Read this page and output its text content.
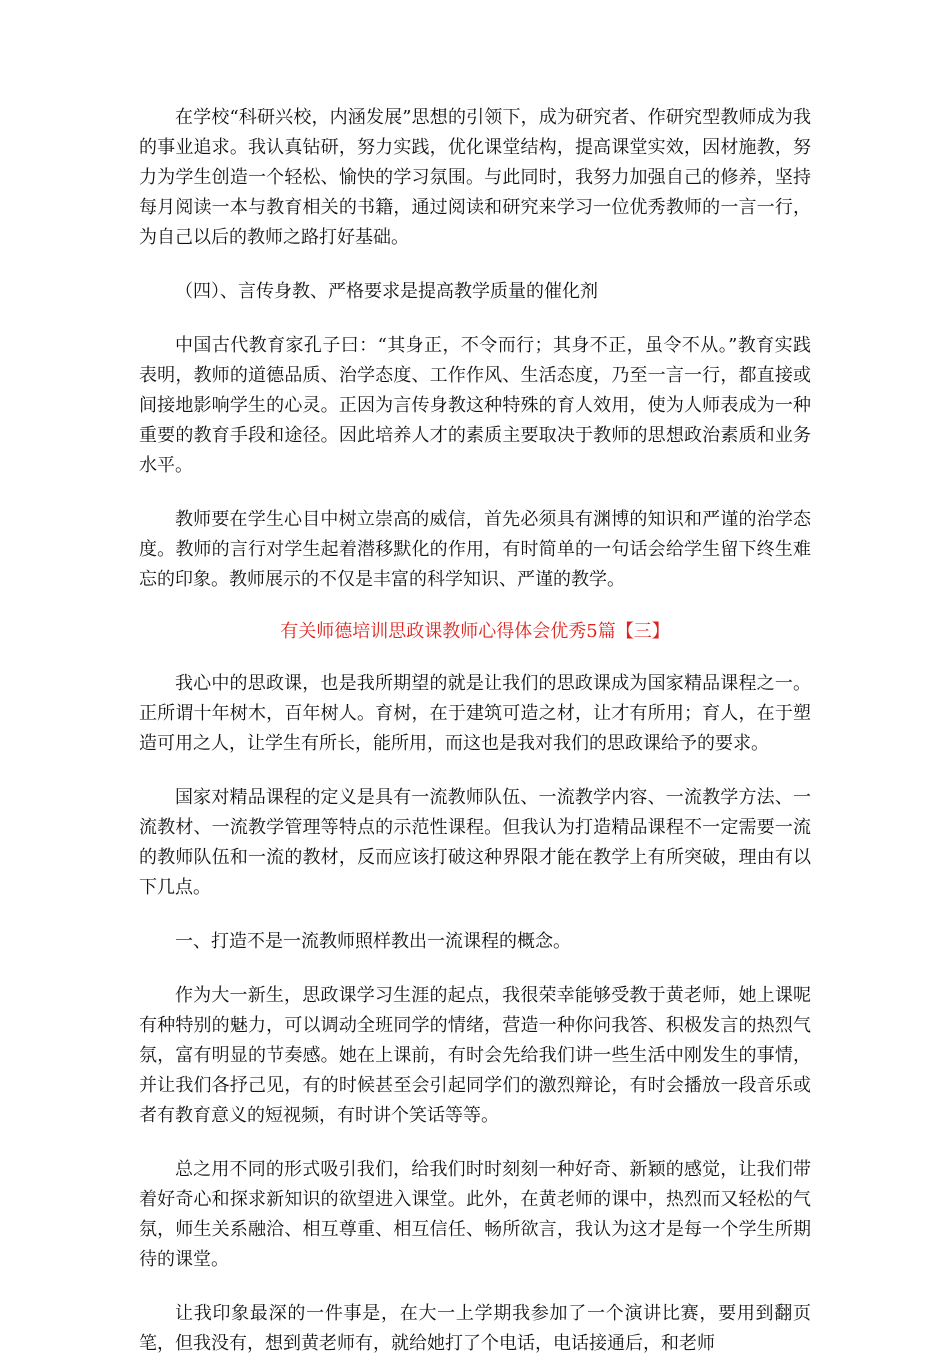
在学校“科研兴校，内涵发展”思想的引领下，成为研究者、作研究型教师成为我的事业追求。我认真钻研，努力实践，优化课堂结构，提高课堂实效，因材施教，努力为学生创造一个轻松、愉快的学习氛围。与此同时，我努力加强自己的修养，坚持每月阅读一本与教育相关的书籍，通过阅读和研究来学习一位优秀教师的一言一行，为自己以后的教师之路打好基础。

（四）、言传身教、严格要求是提高教学质量的催化剂

中国古代教育家孔子曰：“其身正，不令而行；其身不正，虽令不从。”教育实践表明，教师的道德品质、治学态度、工作作风、生活态度，乃至一言一行，都直接或间接地影响学生的心灵。正因为言传身教这种特殊的育人效用，使为人师表成为一种重要的教育手段和途径。因此培养人才的素质主要取决于教师的思想政治素质和业务水平。

教师要在学生心目中树立崇高的威信，首先必须具有渊博的知识和严谨的治学态度。教师的言行对学生起着潜移默化的作用，有时简单的一句话会给学生留下终生难忘的印象。教师展示的不仅是丰富的科学知识、严谨的教学。

有关师德培训思政课教师心得体会优秀5篇【三】

我心中的思政课，也是我所期望的就是让我们的思政课成为国家精品课程之一。正所谓十年树木，百年树人。育树，在于建筑可造之材，让才有所用；育人，在于塑造可用之人，让学生有所长，能所用，而这也是我对我们的思政课给予的要求。

国家对精品课程的定义是具有一流教师队伍、一流教学内容、一流教学方法、一流教材、一流教学管理等特点的示范性课程。但我认为打造精品课程不一定需要一流的教师队伍和一流的教材，反而应该打破这种界限才能在教学上有所突破，理由有以下几点。

一、打造不是一流教师照样教出一流课程的概念。

作为大一新生，思政课学习生涯的起点，我很荣幸能够受教于黄老师，她上课呢有种特别的魅力，可以调动全班同学的情绪，营造一种你问我答、积极发言的热烈气氛，富有明显的节奏感。她在上课前，有时会先给我们讲一些生活中刚发生的事情，并让我们各抒己见，有的时候甚至会引起同学们的激烈辩论，有时会播放一段音乐或者有教育意义的短视频，有时讲个笑话等等。

总之用不同的形式吸引我们，给我们时时刻刻一种好奇、新颖的感觉，让我们带着好奇心和探求新知识的欲望进入课堂。此外，在黄老师的课中，热烈而又轻松的气氛，师生关系融洽、相互尊重、相互信任、畅所欲言，我认为这才是每一个学生所期待的课堂。

让我印象最深的一件事是，在大一上学期我参加了一个演讲比赛，要用到翻页笔，但我没有，想到黄老师有，就给她打了个电话，电话接通后，和老师
